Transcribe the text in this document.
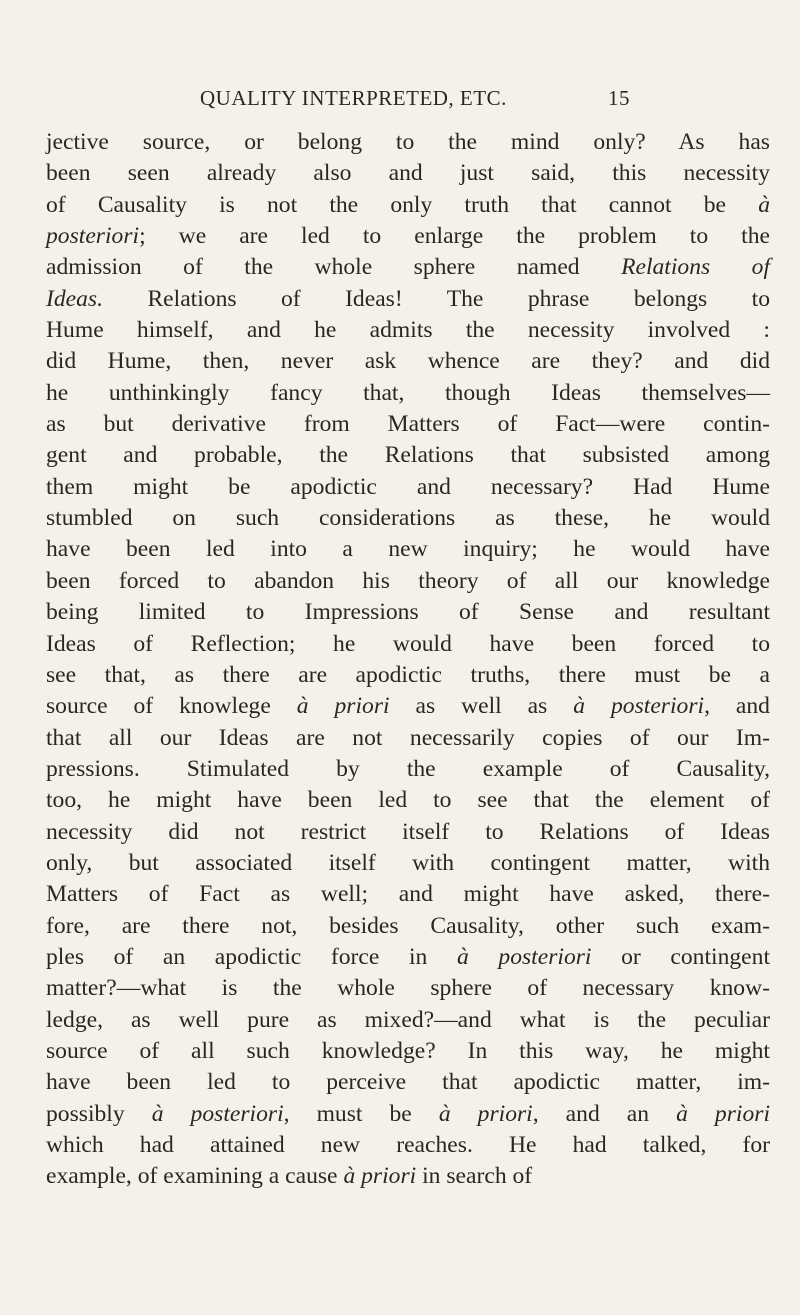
QUALITY INTERPRETED, ETC.	15
jective source, or belong to the mind only? As has
been seen already also and just said, this necessity
of Causality is not the only truth that cannot be à
posteriori; we are led to enlarge the problem to the
admission of the whole sphere named Relations of
Ideas. Relations of Ideas! The phrase belongs to
Hume himself, and he admits the necessity involved :
did Hume, then, never ask whence are they? and did
he unthinkingly fancy that, though Ideas themselves—
as but derivative from Matters of Fact—were contin-
gent and probable, the Relations that subsisted among
them might be apodictic and necessary? Had Hume
stumbled on such considerations as these, he would
have been led into a new inquiry; he would have
been forced to abandon his theory of all our knowledge
being limited to Impressions of Sense and resultant
Ideas of Reflection; he would have been forced to
see that, as there are apodictic truths, there must be a
source of knowlege à priori as well as à posteriori, and
that all our Ideas are not necessarily copies of our Im-
pressions. Stimulated by the example of Causality,
too, he might have been led to see that the element of
necessity did not restrict itself to Relations of Ideas
only, but associated itself with contingent matter, with
Matters of Fact as well; and might have asked, there-
fore, are there not, besides Causality, other such exam-
ples of an apodictic force in à posteriori or contingent
matter?—what is the whole sphere of necessary know-
ledge, as well pure as mixed?—and what is the peculiar
source of all such knowledge? In this way, he might
have been led to perceive that apodictic matter, im-
possibly à posteriori, must be à priori, and an à priori
which had attained new reaches. He had talked, for
example, of examining a cause à priori in search of
